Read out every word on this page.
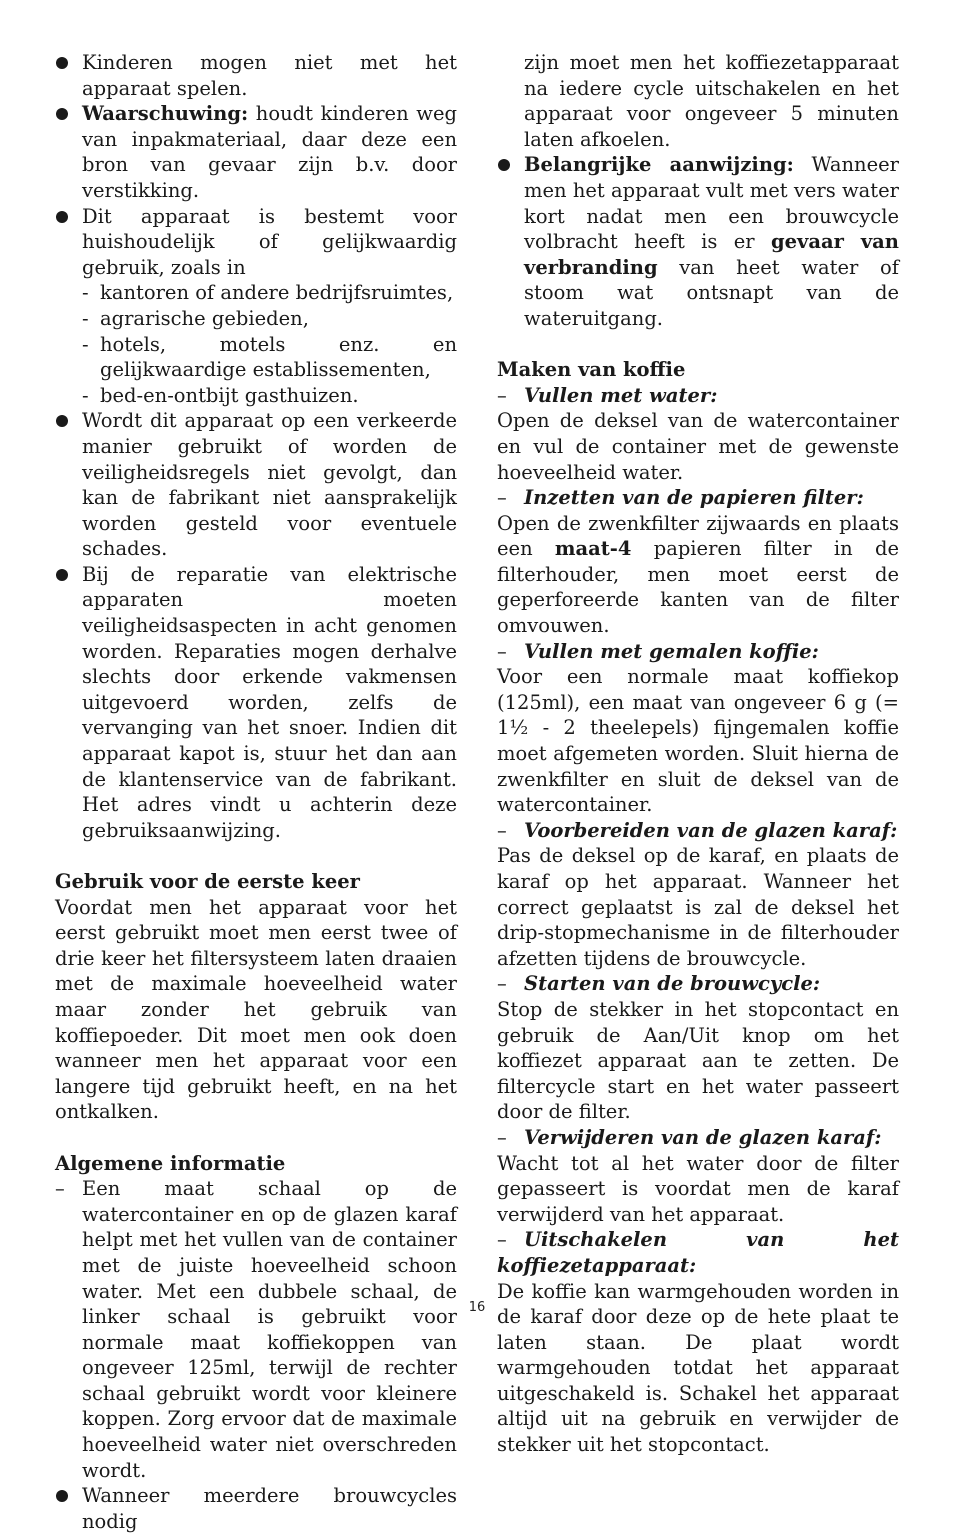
Kinderen mogen niet met het apparaat spelen.

Waarschuwing: houdt kinderen weg van inpakmateriaal, daar deze een bron van gevaar zijn b.v. door verstikking.

Dit apparaat is bestemt voor huishoudelijk of gelijkwaardig gebruik, zoals in

- kantoren of andere bedrijfsruimtes,

- agrarische gebieden,

- hotels, motels enz. en gelijkwaardige establissementen,

- bed-en-ontbijt gasthuizen.

Wordt dit apparaat op een verkeerde manier gebruikt of worden de veiligheidsregels niet gevolgt, dan kan de fabrikant niet aansprakelijk worden gesteld voor eventuele schades.

Bij de reparatie van elektrische apparaten moeten veiligheidsaspecten in acht genomen worden. Reparaties mogen derhalve slechts door erkende vakmensen uitgevoerd worden, zelfs de vervanging van het snoer. Indien dit apparaat kapot is, stuur het dan aan de klantenservice van de fabrikant. Het adres vindt u achterin deze gebruiksaanwijzing.

Gebruik voor de eerste keer

Voordat men het apparaat voor het eerst gebruikt moet men eerst twee of drie keer het filtersysteem laten draaien met de maximale hoeveelheid water maar zonder het gebruik van koffiepoeder. Dit moet men ook doen wanneer men het apparaat voor een langere tijd gebruikt heeft, en na het ontkalken.

Algemene informatie

– Een maat schaal op de watercontainer en op de glazen karaf helpt met het vullen van de container met de juiste hoeveelheid schoon water. Met een dubbele schaal, de linker schaal is gebruikt voor normale maat koffiekoppen van ongeveer 125ml, terwijl de rechter schaal gebruikt wordt voor kleinere koppen. Zorg ervoor dat de maximale hoeveelheid water niet overschreden wordt.

Wanneer meerdere brouwcycles nodig

zijn moet men het koffiezetapparaat na iedere cycle uitschakelen en het apparaat voor ongeveer 5 minuten laten afkoelen.

Belangrijke aanwijzing: Wanneer men het apparaat vult met vers water kort nadat men een brouwcycle volbracht heeft is er gevaar van verbranding van heet water of stoom wat ontsnapt van de wateruitgang.

Maken van koffie

– Vullen met water:

Open de deksel van de watercontainer en vul de container met de gewenste hoeveelheid water.

– Inzetten van de papieren filter:

Open de zwenkfilter zijwaards en plaats een maat-4 papieren filter in de filterhouder, men moet eerst de geperforeerde kanten van de filter omvouwen.

– Vullen met gemalen koffie:

Voor een normale maat koffiekop (125ml), een maat van ongeveer 6 g (= 1½ - 2 theelepels) fijngemalen koffie moet afgemeten worden. Sluit hierna de zwenkfilter en sluit de deksel van de watercontainer.

– Voorbereiden van de glazen karaf:

Pas de deksel op de karaf, en plaats de karaf op het apparaat. Wanneer het correct geplaatst is zal de deksel het drip-stopmechanisme in de filterhouder afzetten tijdens de brouwcycle.

– Starten van de brouwcycle:

Stop de stekker in het stopcontact en gebruik de Aan/Uit knop om het koffiezet apparaat aan te zetten. De filtercycle start en het water passeert door de filter.

– Verwijderen van de glazen karaf:

Wacht tot al het water door de filter gepasseert is voordat men de karaf verwijderd van het apparaat.

– Uitschakelen van het koffiezetapparaat:

De koffie kan warmgehouden worden in de karaf door deze op de hete plaat te laten staan. De plaat wordt warmgehouden totdat het apparaat uitgeschakeld is. Schakel het apparaat altijd uit na gebruik en verwijder de stekker uit het stopcontact.

16
